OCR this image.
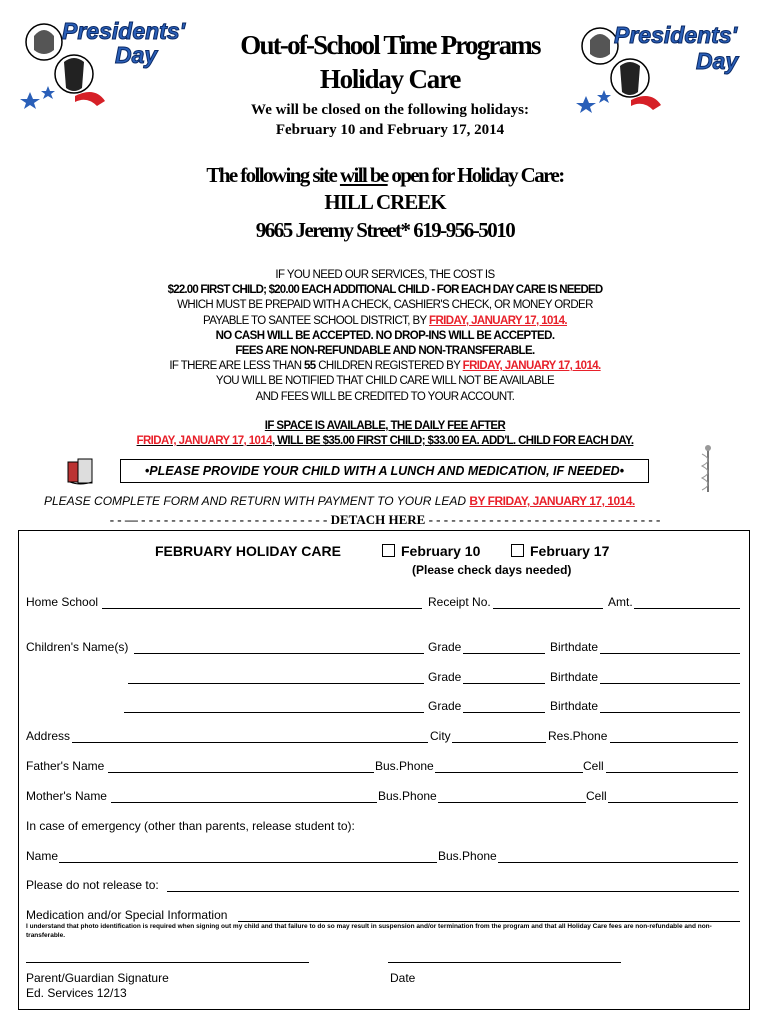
Presidents'
Day
Presidents'
Day
Out-of-School Time Programs
Holiday Care
We will be closed on the following holidays:
February 10 and February 17, 2014
The following site will be open for Holiday Care:
HILL CREEK
9665 Jeremy Street* 619-956-5010
IF YOU NEED OUR SERVICES, THE COST IS
$22.00 FIRST CHILD; $20.00 EACH ADDITIONAL CHILD - FOR EACH DAY CARE IS NEEDED
WHICH MUST BE PREPAID WITH A CHECK, CASHIER'S CHECK, OR MONEY ORDER
PAYABLE TO SANTEE SCHOOL DISTRICT, BY FRIDAY, JANUARY 17, 1014.
NO CASH WILL BE ACCEPTED. NO DROP-INS WILL BE ACCEPTED.
FEES ARE NON-REFUNDABLE AND NON-TRANSFERABLE.
IF THERE ARE LESS THAN 55 CHILDREN REGISTERED BY FRIDAY, JANUARY 17, 1014.
YOU WILL BE NOTIFIED THAT CHILD CARE WILL NOT BE AVAILABLE
AND FEES WILL BE CREDITED TO YOUR ACCOUNT.
IF SPACE IS AVAILABLE, THE DAILY FEE AFTER
FRIDAY, JANUARY 17, 1014, WILL BE $35.00 FIRST CHILD; $33.00 EA. ADD'L. CHILD FOR EACH DAY.
•PLEASE PROVIDE YOUR CHILD WITH A LUNCH AND MEDICATION, IF NEEDED•
PLEASE COMPLETE FORM AND RETURN WITH PAYMENT TO YOUR LEAD BY FRIDAY, JANUARY 17, 1014.
- - — - - - - - - - - - - - - - - - - - - - - - - - - - DETACH HERE - - - - - - - - - - - - - - - - - - - - - - - - - - - - - - -
FEBRUARY HOLIDAY CARE	February 10	February 17
(Please check days needed)
Home School	Receipt No.	Amt.
Children's Name(s)	Grade	Birthdate
Grade	Birthdate
Grade	Birthdate
Address	City	Res.Phone
Father's Name	Bus.Phone	Cell
Mother's Name	Bus.Phone	Cell
In case of emergency (other than parents, release student to):
Name	Bus.Phone
Please do not release to:
Medication and/or Special Information
I understand that photo identification is required when signing out my child and that failure to do so may result in suspension and/or termination from the program and that all Holiday Care fees are non-refundable and non-transferable.
Parent/Guardian Signature	Date
Ed. Services 12/13
